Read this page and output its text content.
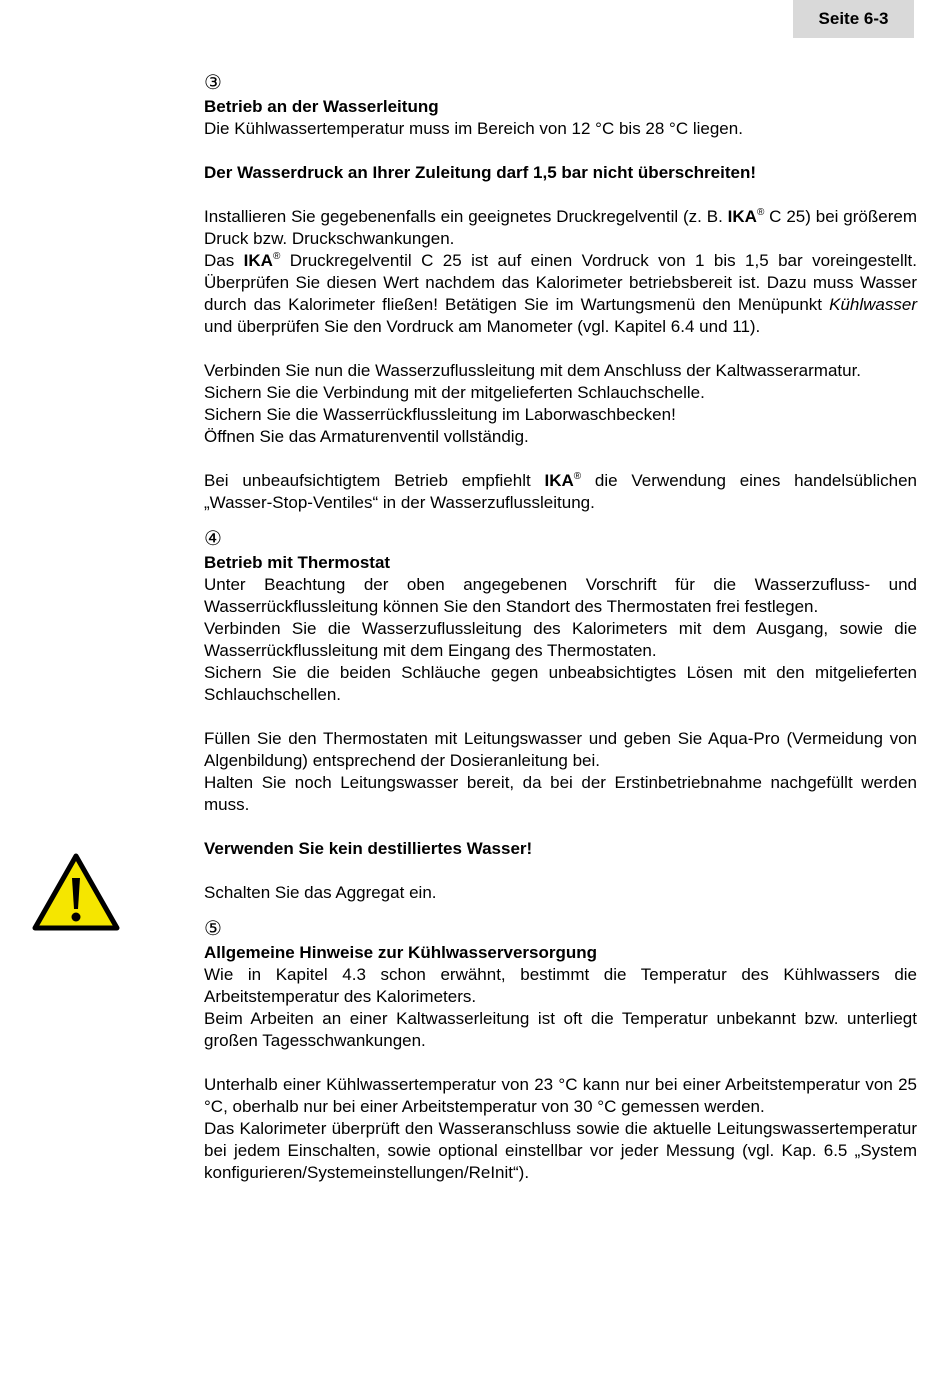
Seite 6-3
③
Betrieb an der Wasserleitung
Die Kühlwassertemperatur muss im Bereich von 12 °C bis 28 °C liegen.
Der Wasserdruck an Ihrer Zuleitung darf 1,5 bar nicht überschreiten!
Installieren Sie gegebenenfalls ein geeignetes Druckregelventil (z. B. IKA® C 25) bei größerem Druck bzw. Druckschwankungen.
Das IKA® Druckregelventil C 25 ist auf einen Vordruck von 1 bis 1,5 bar voreingestellt. Überprüfen Sie diesen Wert nachdem das Kalorimeter betriebsbereit ist. Dazu muss Wasser durch das Kalorimeter fließen! Betätigen Sie im Wartungsmenü den Menüpunkt Kühlwasser und überprüfen Sie den Vordruck am Manometer (vgl. Kapitel 6.4 und 11).
Verbinden Sie nun die Wasserzuflussleitung mit dem Anschluss der Kaltwasserarmatur.
Sichern Sie die Verbindung mit der mitgelieferten Schlauchschelle.
Sichern Sie die Wasserrückflussleitung im Laborwaschbecken!
Öffnen Sie das Armaturenventil vollständig.
Bei unbeaufsichtigtem Betrieb empfiehlt IKA® die Verwendung eines handelsüblichen „Wasser-Stop-Ventiles“ in der Wasserzuflussleitung.
④
Betrieb mit Thermostat
Unter Beachtung der oben angegebenen Vorschrift für die Wasserzufluss- und Wasserrückflussleitung können Sie den Standort des Thermostaten frei festlegen.
Verbinden Sie die Wasserzuflussleitung des Kalorimeters mit dem Ausgang, sowie die Wasserrückflussleitung mit dem Eingang des Thermostaten.
Sichern Sie die beiden Schläuche gegen unbeabsichtigtes Lösen mit den mitgelieferten Schlauchschellen.
Füllen Sie den Thermostaten mit Leitungswasser und geben Sie Aqua-Pro (Vermeidung von Algenbildung) entsprechend der Dosieranleitung bei.
Halten Sie noch Leitungswasser bereit, da bei der Erstinbetriebnahme nachgefüllt werden muss.
Verwenden Sie kein destilliertes Wasser!
Schalten Sie das Aggregat ein.
⑤
Allgemeine Hinweise zur Kühlwasserversorgung
Wie in Kapitel 4.3 schon erwähnt, bestimmt die Temperatur des Kühlwassers die Arbeitstemperatur des Kalorimeters.
Beim Arbeiten an einer Kaltwasserleitung ist oft die Temperatur unbekannt bzw. unterliegt großen Tagesschwankungen.
Unterhalb einer Kühlwassertemperatur von 23 °C kann nur bei einer Arbeitstemperatur von 25 °C, oberhalb nur bei einer Arbeitstemperatur von 30 °C gemessen werden.
Das Kalorimeter überprüft den Wasseranschluss sowie die aktuelle Leitungswassertemperatur bei jedem Einschalten, sowie optional einstellbar vor jeder Messung (vgl. Kap. 6.5 „System konfigurieren/Systemeinstellungen/ReInit“).
